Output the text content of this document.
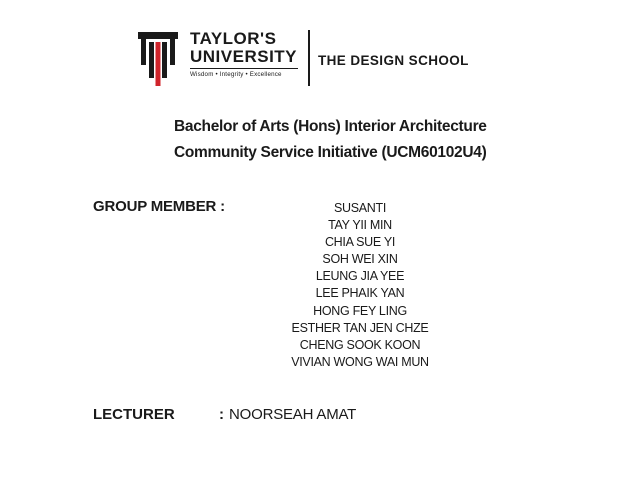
TAYLOR'S
UNIVERSITY
Wisdom • Integrity • Excellence
THE DESIGN SCHOOL
Bachelor of Arts (Hons) Interior Architecture
Community Service Initiative (UCM60102U4)
GROUP MEMBER :	SUSANTI
TAY YII MIN
CHIA SUE YI
SOH WEI XIN
LEUNG JIA YEE
LEE PHAIK YAN
HONG FEY LING
ESTHER TAN JEN CHZE
CHENG SOOK KOON
VIVIAN WONG WAI MUN
LECTURER	: NOORSEAH AMAT
